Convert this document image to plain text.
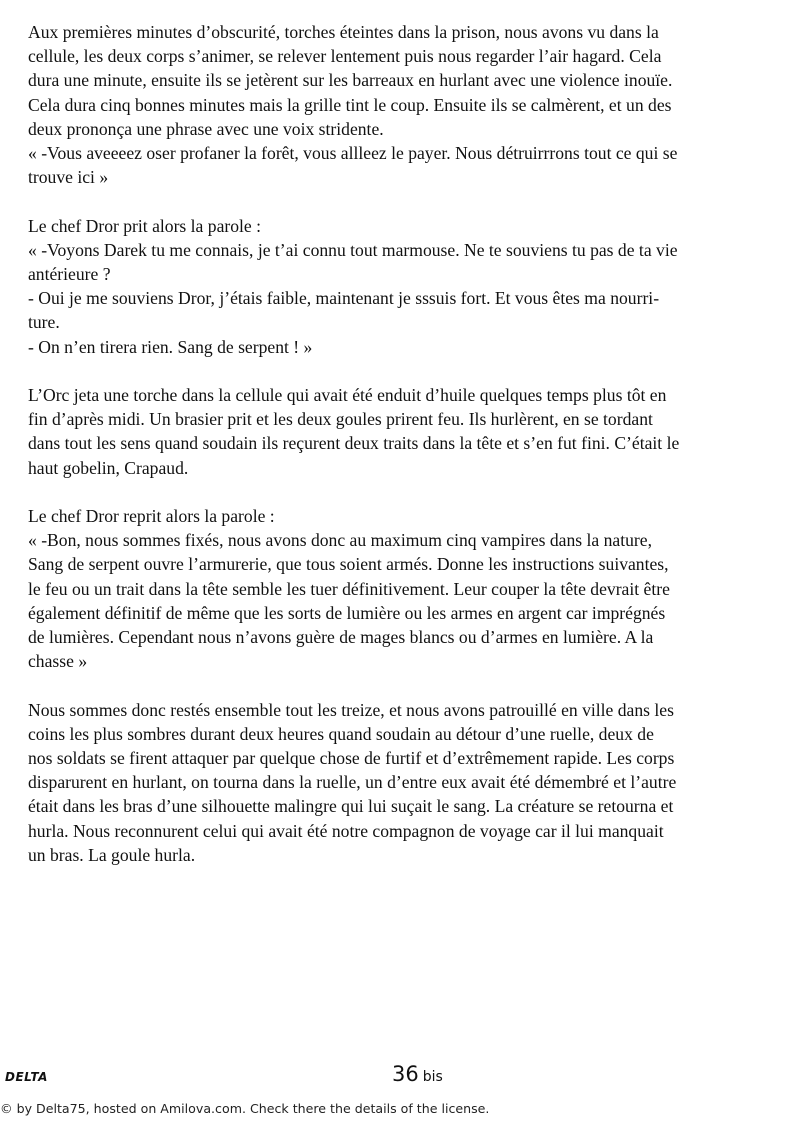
Aux premières minutes d’obscurité, torches éteintes dans la prison, nous avons vu dans la
cellule, les deux corps s’animer, se relever lentement puis nous regarder l’air hagard. Cela
dura une minute, ensuite ils se jetèrent sur les barreaux en hurlant avec une violence inouïe.
Cela dura cinq bonnes minutes mais la grille tint le coup. Ensuite ils se calmèrent, et un des
deux prononça une phrase avec une voix stridente.
« -Vous aveeeez oser profaner la forêt, vous allleez le payer. Nous détruirrrons tout ce qui se
trouve ici »

Le chef Dror prit alors la parole :
« -Voyons Darek tu me connais, je t’ai connu tout marmouse. Ne te souviens tu pas de ta vie
antérieure ?
- Oui je me souviens Dror, j’étais faible, maintenant je sssuis fort. Et vous êtes ma nourri-
ture.
- On n’en tirera rien. Sang de serpent ! »

L’Orc jeta une torche dans la cellule qui avait été enduit d’huile quelques temps plus tôt en
fin d’après midi. Un brasier prit et les deux goules prirent feu. Ils hurlèrent, en se tordant
dans tout les sens quand soudain ils reçurent deux traits dans la tête et s’en fut fini. C’était le
haut gobelin, Crapaud.

Le chef Dror reprit alors la parole :
« -Bon, nous sommes fixés, nous avons donc au maximum cinq vampires dans la nature,
Sang de serpent ouvre l’armurerie, que tous soient armés. Donne les instructions suivantes,
le feu ou un trait dans la tête semble les tuer définitivement. Leur couper la tête devrait être
également définitif de même que les sorts de lumière ou les armes en argent car imprégnés
de lumières. Cependant nous n’avons guère de mages blancs ou d’armes en lumière. A la
chasse »

Nous sommes donc restés ensemble tout les treize, et nous avons patrouillé en ville dans les
coins les plus sombres durant deux heures quand soudain au détour d’une ruelle, deux de
nos soldats se firent attaquer par quelque chose de furtif et d’extrêmement rapide. Les corps
disparurent en hurlant, on tourna dans la ruelle, un d’entre eux avait été démembré et l’autre
était dans les bras d’une silhouette malingre qui lui suçait le sang. La créature se retourna et
hurla. Nous reconnurent celui qui avait été notre compagnon de voyage car il lui manquait
un bras. La goule hurla.

DELTA	36 bis
© by Delta75, hosted on Amilova.com. Check there the details of the license.
